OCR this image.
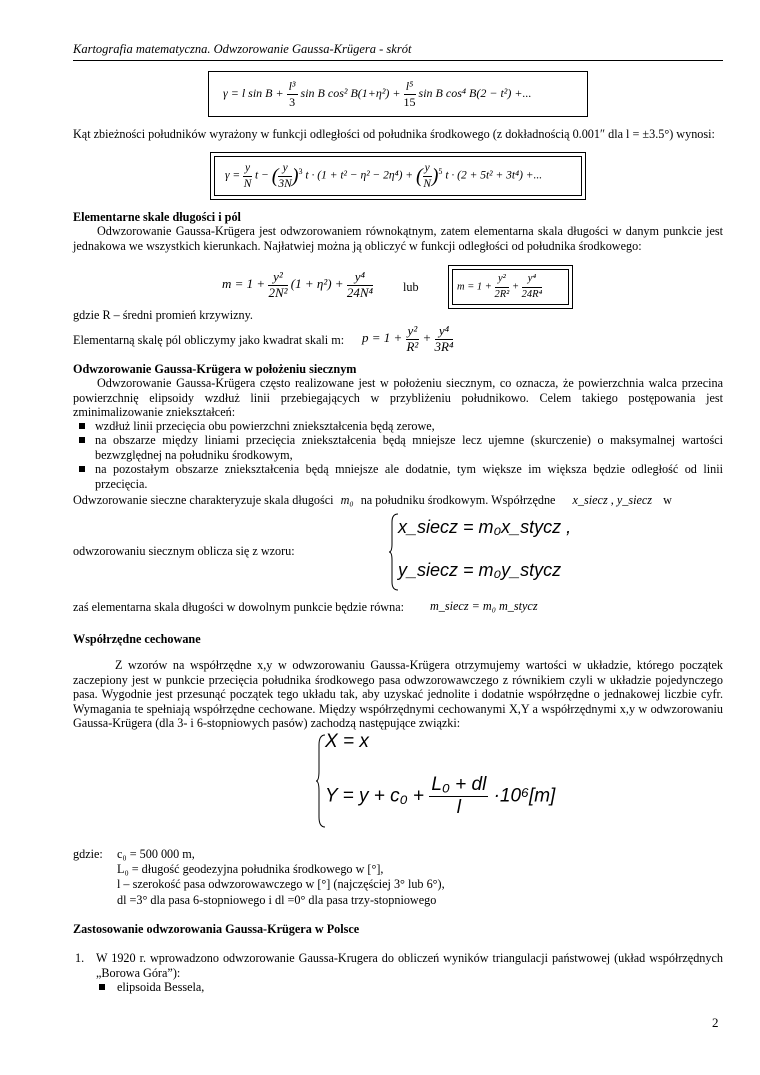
Kartografia matematyczna. Odwzorowanie Gaussa-Krügera - skrót
γ = l $\sin B + \frac{\text{l³}}{3}$ sin B cos² $B(1+\eta^2) + \frac{\text{l⁵}}{15}$ sin B cos⁴ B(2 − t²) +...
Kąt zbieżności południków wyrażony w funkcji odległości od południka środkowego (z dokładnością 0.001″ dla l = ±3.5°) wynosi:
$\gamma = \frac{y}{N}$ t − ( $\frac{y}{3N} )^3$ t · (1 + t² − η² − 2η⁴) + ( $\frac{y}{N} )^5$ t · (2 + 5t² + 3t⁴) +...
Elementarne skale długości i pól
Odwzorowanie Gaussa-Krügera jest odwzorowaniem równokątnym, zatem elementarna skala długości w danym punkcie jest jednakowa we wszystkich kierunkach. Najłatwiej można ją obliczyć w funkcji odległości od południka środkowego:
$m = 1 + \frac{\text{y²}}{\text{2N²}} (1 + \eta^2) + \frac{\text{y⁴}}{\text{24N⁴}}$ lub	$m = 1 + \frac{\text{y²}}{\text{2R²}} + \frac{\text{y⁴}}{\text{24R⁴}}$
gdzie R – średni promień krzywizny.
Elementarną skalę pól obliczymy jako kwadrat skali m: $p = 1 + \frac{\text{y²}}{\text{R²}} + \frac{\text{y⁴}}{\text{3R⁴}}$
Odwzorowanie Gaussa-Krügera w położeniu siecznym
Odwzorowanie Gaussa-Krügera często realizowane jest w położeniu siecznym, co oznacza, że powierzchnia walca przecina powierzchnię elipsoidy wzdłuż linii przebiegających w przybliżeniu południkowo. Celem takiego postępowania jest zminimalizowanie zniekształceń:
wzdłuż linii przecięcia obu powierzchni zniekształcenia będą zerowe,
na obszarze między liniami przecięcia zniekształcenia będą mniejsze lecz ujemne (skurczenie) o maksymalnej wartości bezwzględnej na południku środkowym,
na pozostałym obszarze zniekształcenia będą mniejsze ale dodatnie, tym większe im większa będzie odległość od linii przecięcia.
Odwzorowanie sieczne charakteryzuje skala długości m₀ na południku środkowym. Współrzędne x_siecz , y_siecz w
odwzorowaniu siecznym oblicza się z wzoru:
x_siecz = m₀x_stycz ,
y_siecz = m₀y_stycz
zaś elementarna skala długości w dowolnym punkcie będzie równa: m_siecz = m₀ m_stycz
Współrzędne cechowane
Z wzorów na współrzędne x,y w odwzorowaniu Gaussa-Krügera otrzymujemy wartości w układzie, którego początek zaczepiony jest w punkcie przecięcia południka środkowego pasa odwzorowawczego z równikiem czyli w układzie pojedynczego pasa. Wygodnie jest przesunąć początek tego układu tak, aby uzyskać jednolite i dodatnie współrzędne o jednakowej liczbie cyfr. Wymagania te spełniają współrzędne cechowane. Między współrzędnymi cechowanymi X,Y a współrzędnymi x,y w odwzorowaniu Gaussa-Krügera (dla 3- i 6-stopniowych pasów) zachodzą następujące związki:
X = x
$Y = y + c_0 + \frac{\text{L₀ + dl}}{l} \cdot 10^6[m]$
gdzie: c₀ = 500 000 m,
L₀ = długość geodezyjna południka środkowego w [°],
l – szerokość pasa odwzorowawczego w [°] (najczęściej 3° lub 6°),
dl =3° dla pasa 6-stopniowego i dl =0° dla pasa trzy-stopniowego
Zastosowanie odwzorowania Gaussa-Krügera w Polsce
1. W 1920 r. wprowadzono odwzorowanie Gaussa-Krugera do obliczeń wyników triangulacji państwowej (układ współrzędnych „Borowa Góra”):
elipsoida Bessela,
2
